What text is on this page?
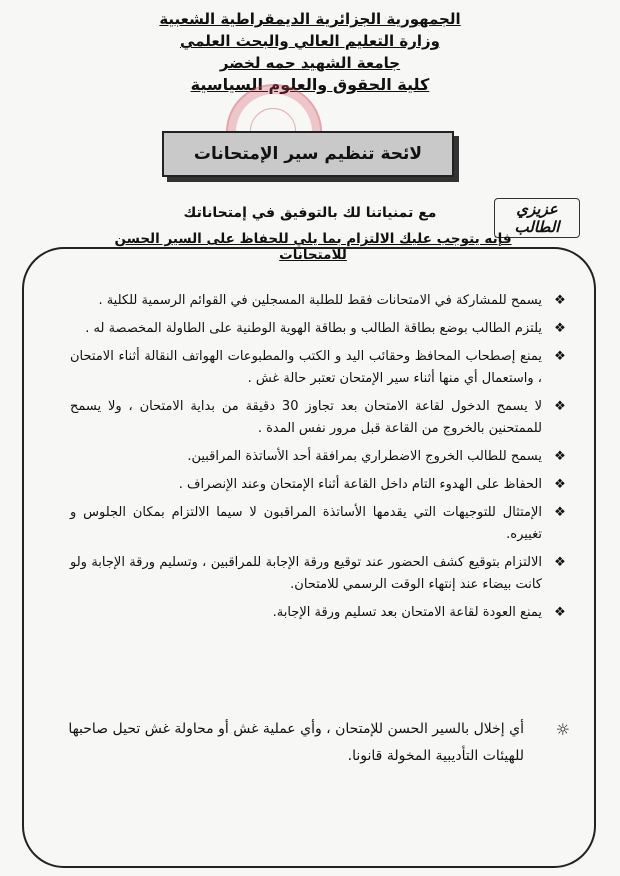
الجمهورية الجزائرية الديمقراطية الشعبية
وزارة التعليم العالي والبحث العلمي
جامعة الشهيد حمه لخضر
كلية الحقوق والعلوم السياسية
لائحة تنظيم سير الإمتحانات
عزيزي الطالب
مع تمنياتنا لك بالتوفيق في إمتحاناتك
فإنه يتوجب عليك الالتزام بما يلي للحفاظ على السير الحسن للامتحانات
❖
يسمح للمشاركة في الامتحانات فقط للطلبة المسجلين في القوائم الرسمية للكلية .
❖
يلتزم الطالب بوضع بطاقة الطالب و بطاقة الهوية الوطنية على الطاولة المخصصة له .
❖
يمنع إصطحاب المحافظ وحقائب اليد و الكتب والمطبوعات الهواتف النقالة أثناء الامتحان ، واستعمال أي منها أثناء سير الإمتحان تعتبر حالة غش .
❖
لا يسمح الدخول لقاعة الامتحان بعد تجاوز 30 دقيقة من بداية الامتحان ، ولا يسمح للممتحنين بالخروج من القاعة قبل مرور نفس المدة .
❖
يسمح للطالب الخروج الاضطراري بمرافقة أحد الأساتذة المراقبين.
❖
الحفاظ على الهدوء التام داخل القاعة أثناء الإمتحان وعند الإنصراف .
❖
الإمتثال للتوجيهات التي يقدمها الأساتذة المراقبون لا سيما الالتزام بمكان الجلوس و تغييره.
❖
الالتزام بتوقيع كشف الحضور عند توقيع ورقة الإجابة للمراقبين ، وتسليم ورقة الإجابة ولو كانت بيضاء عند إنتهاء الوقت الرسمي للامتحان.
❖
يمنع العودة لقاعة الامتحان بعد تسليم ورقة الإجابة.
☼
أي إخلال بالسير الحسن للإمتحان ، وأي عملية غش أو محاولة غش تحيل صاحبها للهيئات التأديبية المخولة قانونا.
